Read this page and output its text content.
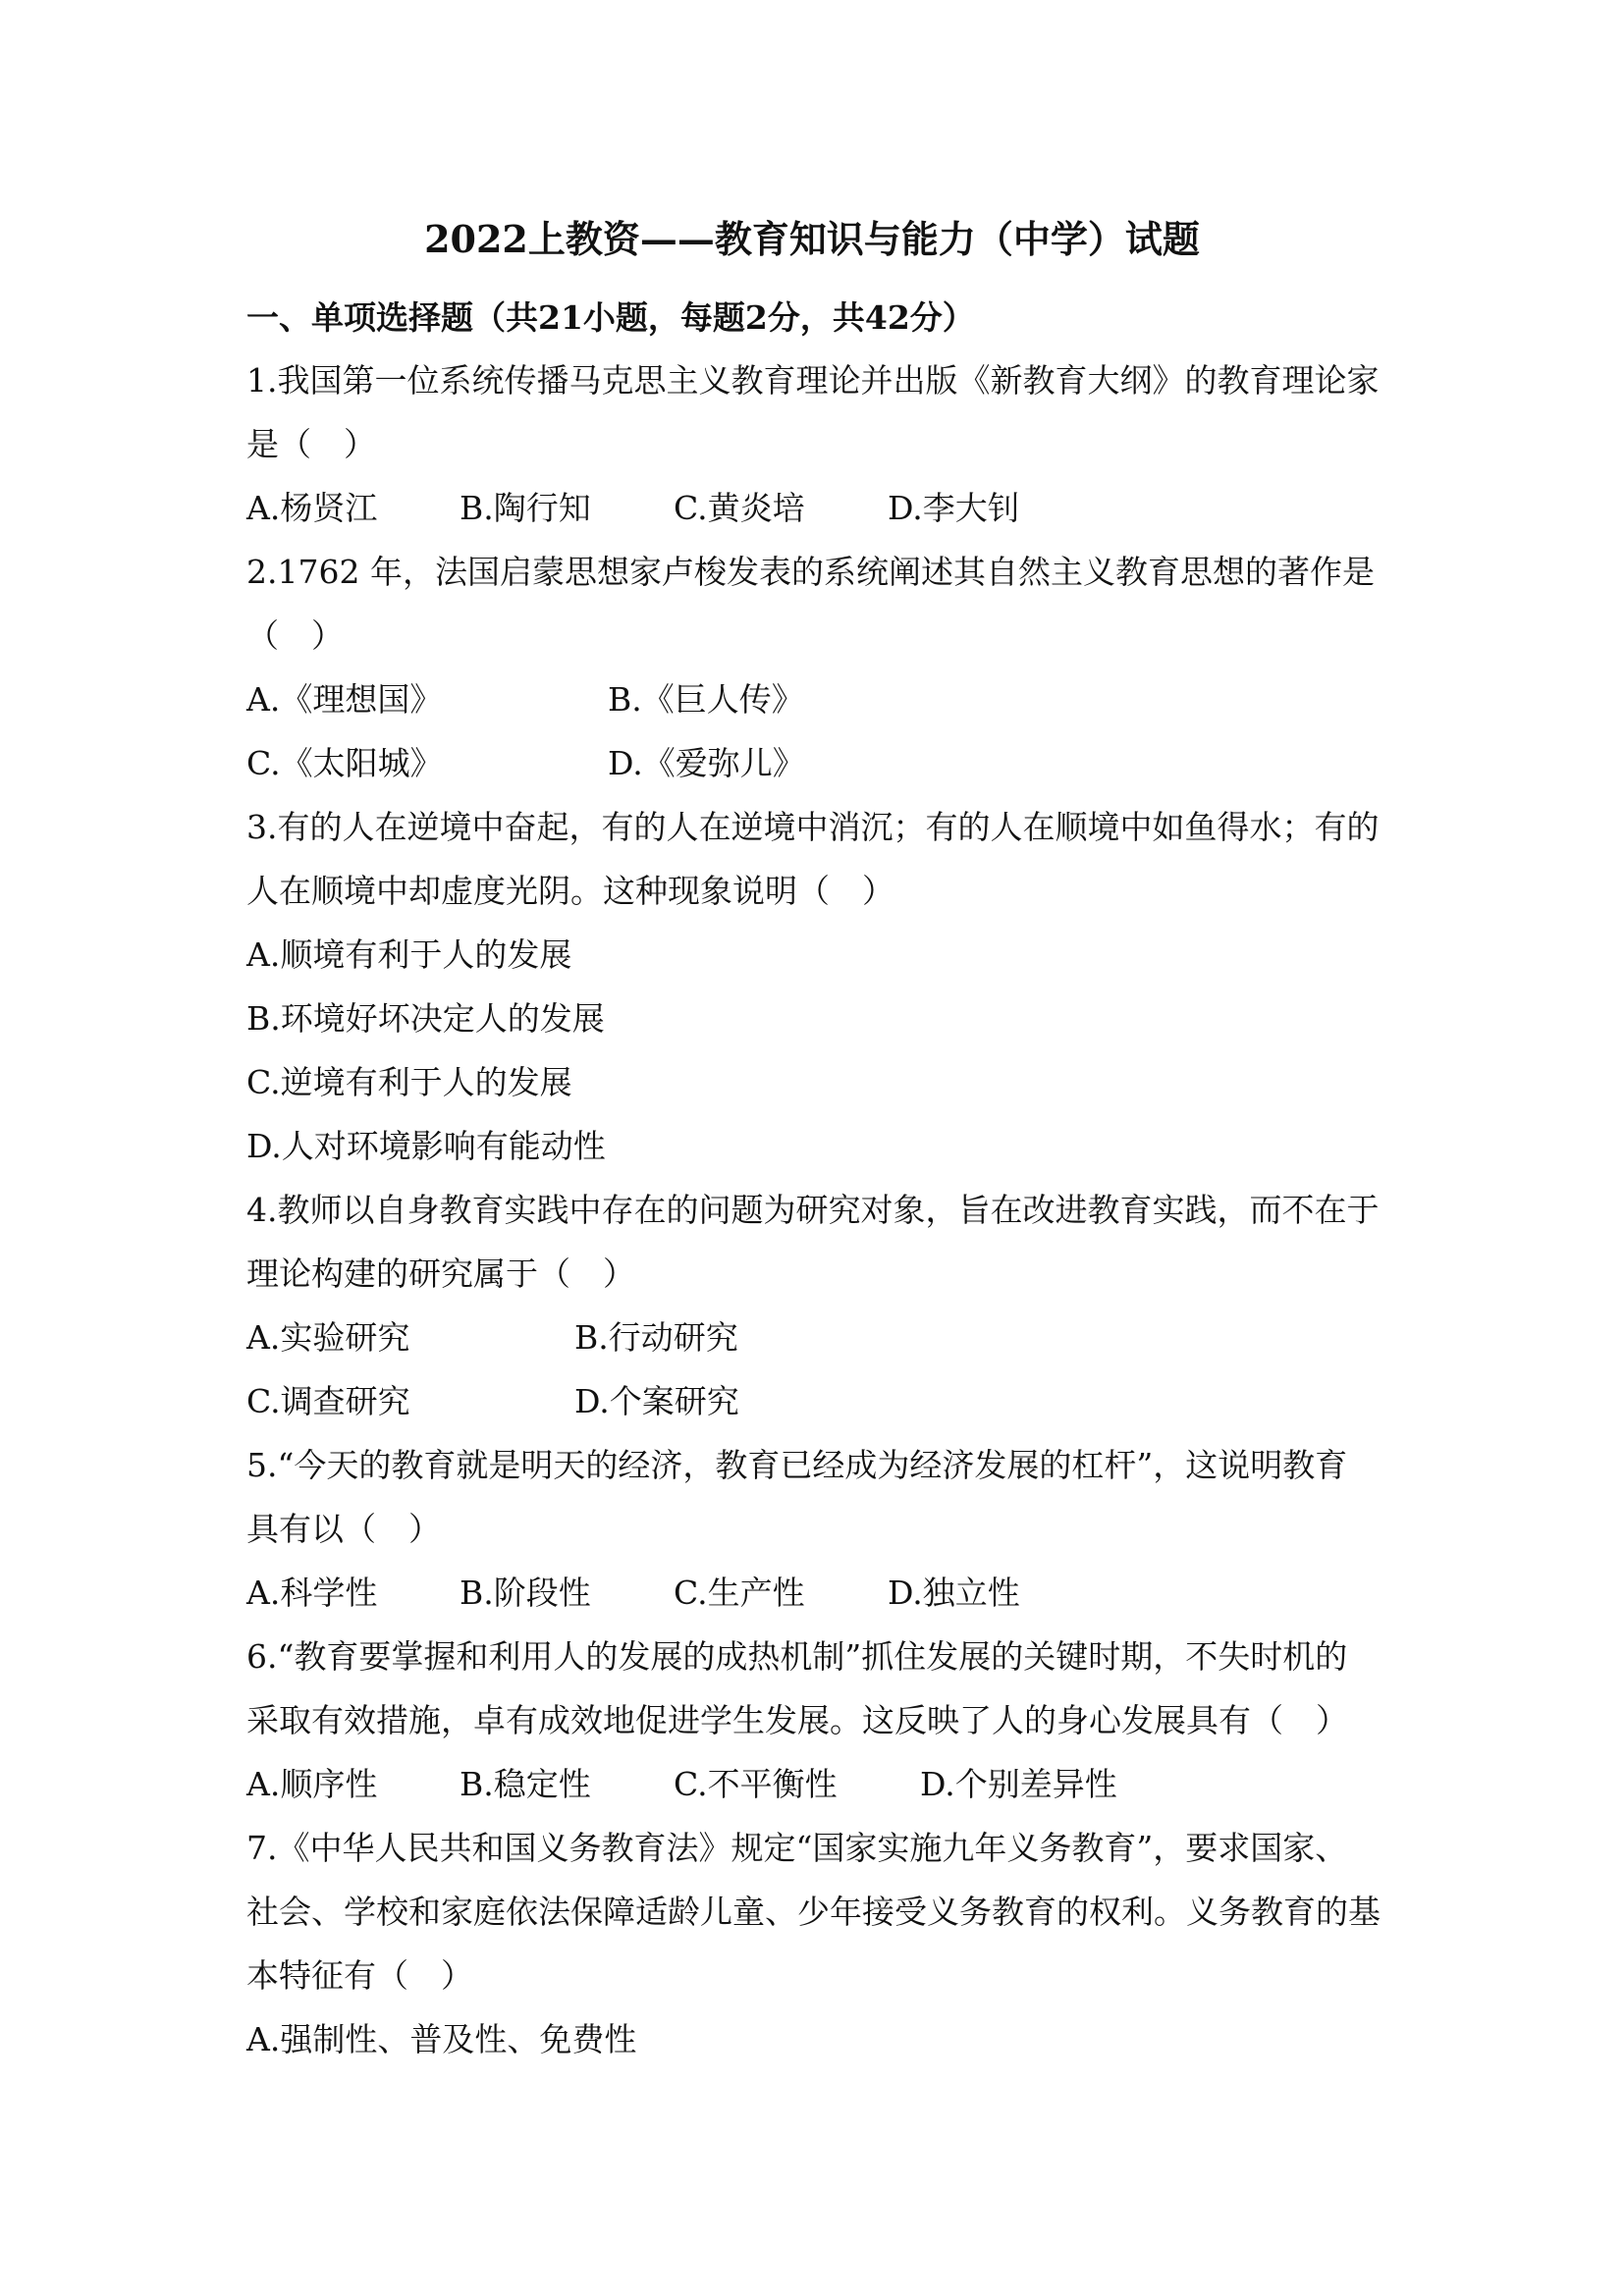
2022上教资——教育知识与能力（中学）试题
一、单项选择题（共21小题，每题2分，共42分）
1.我国第一位系统传播马克思主义教育理论并出版《新教育大纲》的教育理论家
是（　）
A.杨贤江	B.陶行知	C.黄炎培	D.李大钊
2.1762 年，法国启蒙思想家卢梭发表的系统阐述其自然主义教育思想的著作是
（　）
A.《理想国》	B.《巨人传》
C.《太阳城》	D.《爱弥儿》
3.有的人在逆境中奋起，有的人在逆境中消沉；有的人在顺境中如鱼得水；有的
人在顺境中却虚度光阴。这种现象说明（　）
A.顺境有利于人的发展
B.环境好坏决定人的发展
C.逆境有利于人的发展
D.人对环境影响有能动性
4.教师以自身教育实践中存在的问题为研究对象，旨在改进教育实践，而不在于
理论构建的研究属于（　）
A.实验研究	B.行动研究
C.调查研究	D.个案研究
5.“今天的教育就是明天的经济，教育已经成为经济发展的杠杆”，这说明教育
具有以（　）
A.科学性	B.阶段性	C.生产性	D.独立性
6.“教育要掌握和利用人的发展的成热机制”抓住发展的关键时期，不失时机的
采取有效措施，卓有成效地促进学生发展。这反映了人的身心发展具有（　）
A.顺序性	B.稳定性	C.不平衡性	D.个别差异性
7.《中华人民共和国义务教育法》规定“国家实施九年义务教育”，要求国家、
社会、学校和家庭依法保障适龄儿童、少年接受义务教育的权利。义务教育的基
本特征有（　）
A.强制性、普及性、免费性
